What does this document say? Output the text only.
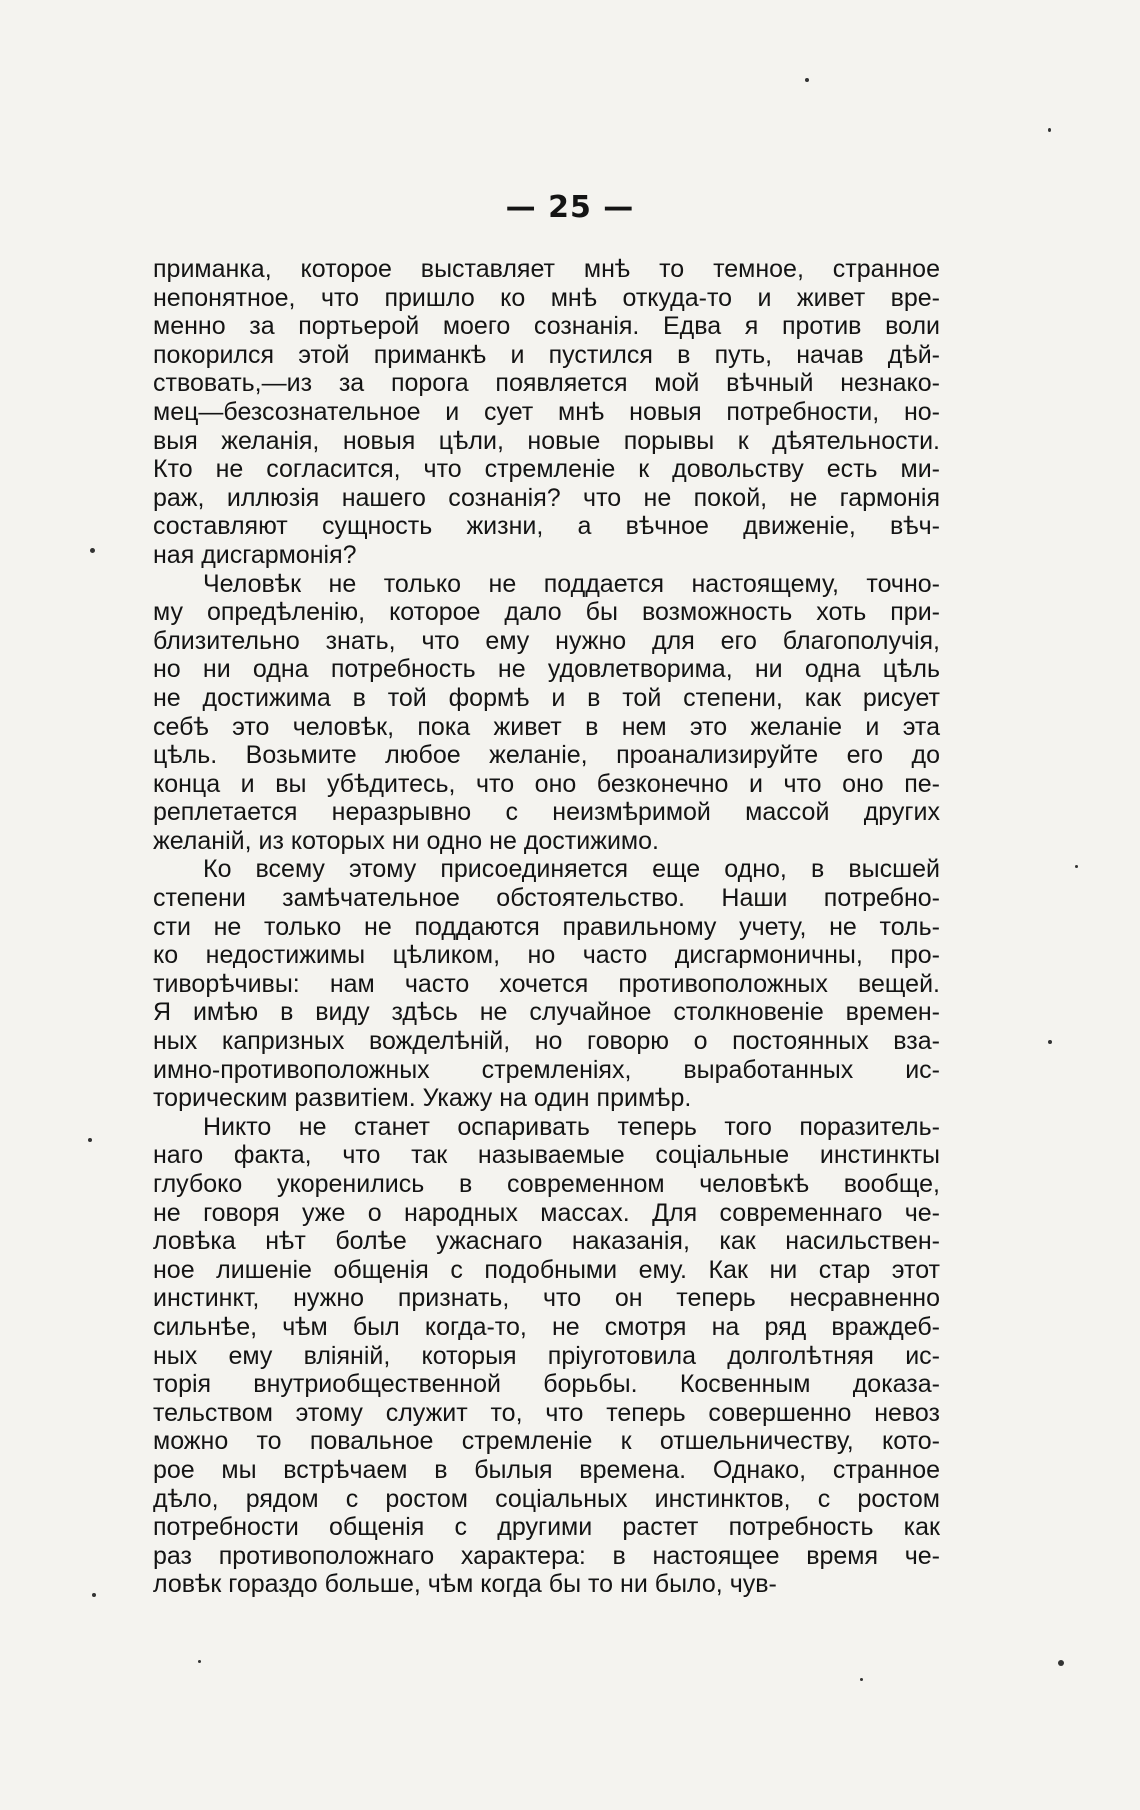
— 25 —
приманка, которое выставляет мнѣ то темное, странное
непонятное, что пришло ко мнѣ откуда-то и живет вре-
менно за портьерой моего сознанія. Едва я против воли
покорился этой приманкѣ и пустился в путь, начав дѣй-
ствовать,—из за порога появляется мой вѣчный незнако-
мец—безсознательное и сует мнѣ новыя потребности, но-
выя желанія, новыя цѣли, новые порывы к дѣятельности.
Кто не согласится, что стремленіе к довольству есть ми-
раж, иллюзія нашего сознанія? что не покой, не гармонія
составляют сущность жизни, а вѣчное движеніе, вѣч-
ная дисгармонія?
Человѣк не только не поддается настоящему, точно-
му опредѣленію, которое дало бы возможность хоть при-
близительно знать, что ему нужно для его благополучія,
но ни одна потребность не удовлетворима, ни одна цѣль
не достижима в той формѣ и в той степени, как рисует
себѣ это человѣк, пока живет в нем это желаніе и эта
цѣль. Возьмите любое желаніе, проанализируйте его до
конца и вы убѣдитесь, что оно безконечно и что оно пе-
реплетается неразрывно с неизмѣримой массой других
желаній, из которых ни одно не достижимо.
Ко всему этому присоединяется еще одно, в высшей
степени замѣчательное обстоятельство. Наши потребно-
сти не только не поддаются правильному учету, не толь-
ко недостижимы цѣликом, но часто дисгармоничны, про-
тиворѣчивы: нам часто хочется противоположных вещей.
Я имѣю в виду здѣсь не случайное столкновеніе времен-
ных капризных вожделѣній, но говорю о постоянных вза-
имно-противоположных стремленіях, выработанных ис-
торическим развитіем. Укажу на один примѣр.
Никто не станет оспаривать теперь того поразитель-
наго факта, что так называемые соціальные инстинкты
глубоко укоренились в современном человѣкѣ вообще,
не говоря уже о народных массах. Для современнаго че-
ловѣка нѣт болѣе ужаснаго наказанія, как насильствен-
ное лишеніе общенія с подобными ему. Как ни стар этот
инстинкт, нужно признать, что он теперь несравненно
сильнѣе, чѣм был когда-то, не смотря на ряд враждеб-
ных ему вліяній, которыя пріуготовила долголѣтняя ис-
торія внутриобщественной борьбы. Косвенным доказа-
тельством этому служит то, что теперь совершенно невоз
можно то повальное стремленіе к отшельничеству, кото-
рое мы встрѣчаем в былыя времена. Однако, странное
дѣло, рядом с ростом соціальных инстинктов, с ростом
потребности общенія с другими растет потребность как
раз противоположнаго характера: в настоящее время че-
ловѣк гораздо больше, чѣм когда бы то ни было, чув-
